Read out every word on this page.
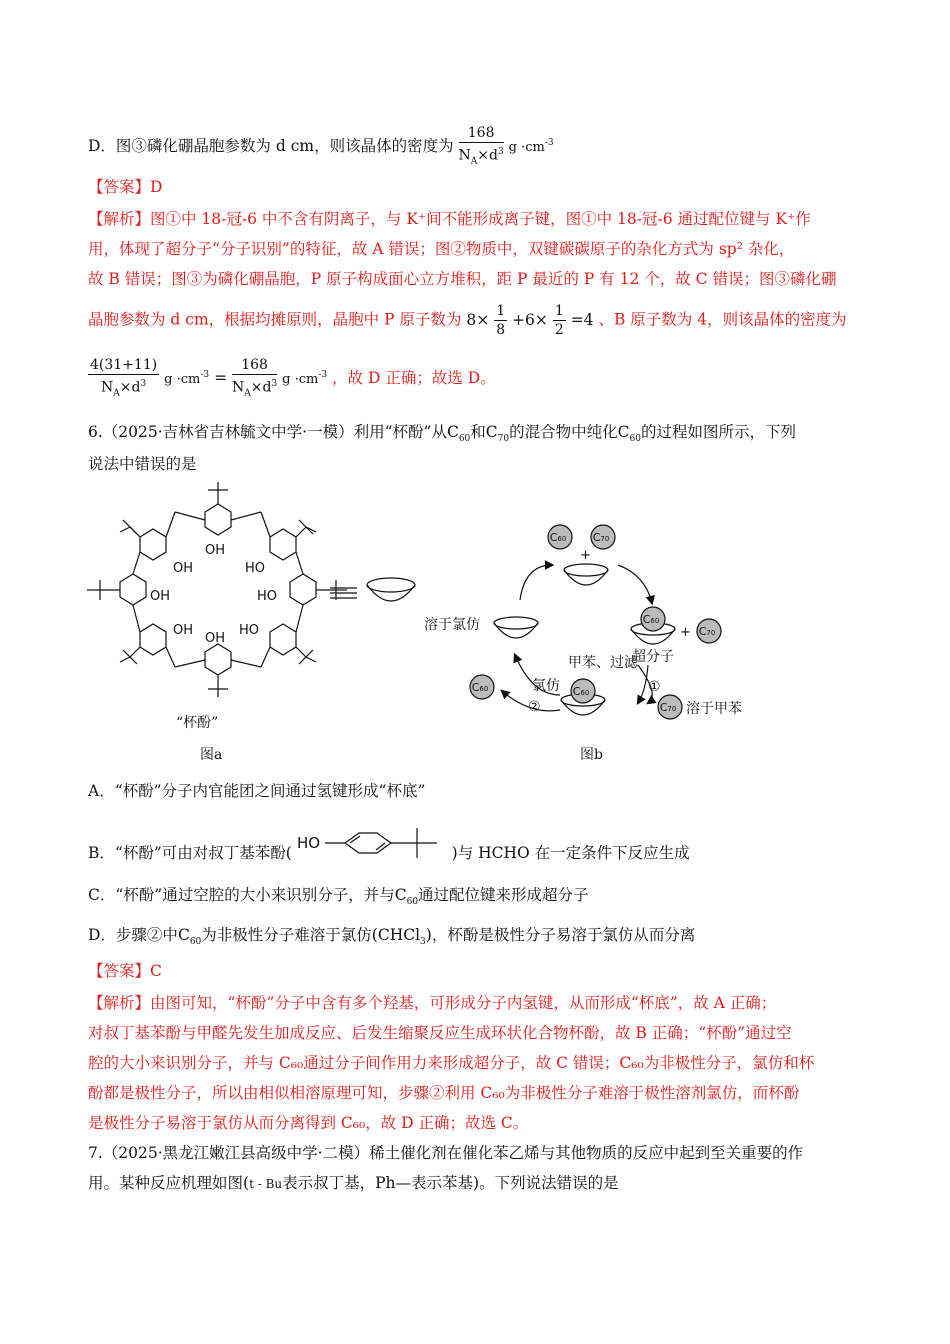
D．图③磷化硼晶胞参数为 d cm，则该晶体的密度为 $\frac{168}{N_A\times d^3}$ $g \cdot cm^{-3}$
【答案】D
【解析】图①中 18-冠-6 中不含有阴离子，与 K⁺间不能形成离子键，图①中 18-冠-6 通过配位键与 K⁺作
用，体现了超分子“分子识别”的特征，故 A 错误；图②物质中，双键碳碳原子的杂化方式为 sp² 杂化，
故 B 错误；图③为磷化硼晶胞，P 原子构成面心立方堆积，距 P 最近的 P 有 12 个，故 C 错误；图③磷化硼
晶胞参数为 d cm，根据均摊原则，晶胞中 P 原子数为 $8\times \frac{1}{8} +6\times \frac{1}{2} =4$ 、B 原子数为 4，则该晶体的密度为
$\frac{4(31+11)}{N_A\times d^3}$ $g \cdot cm^{-3} = \frac{168}{N_A\times d^3}$ $g \cdot cm^{-3}$ ，故 D 正确；故选 D。
6.（2025·吉林省吉林毓文中学·一模）利用“杯酚”从$C_{60}$和$C_{70}$的混合物中纯化$C_{60}$的过程如图所示，下列
说法中错误的是
OH
OH	HO
OH	HO
OH
OH
HO
“杯酚”
图a
C60 C70
C60
C70
C60
C70
C60
+
+
溶于氯仿
超分子
甲苯、过滤
氯仿	①
②	溶于甲苯
图b
A．“杯酚”分子内官能团之间通过氢键形成“杯底”
B．“杯酚”可由对叔丁基苯酚(
HO
)与 HCHO 在一定条件下反应生成
C．“杯酚”通过空腔的大小来识别分子，并与$C_{60}$通过配位键来形成超分子
D．步骤②中$C_{60}$为非极性分子难溶于氯仿(CHCl$_3$)，杯酚是极性分子易溶于氯仿从而分离
【答案】C
【解析】由图可知，“杯酚”分子中含有多个羟基，可形成分子内氢键，从而形成“杯底”，故 A 正确；
对叔丁基苯酚与甲醛先发生加成反应、后发生缩聚反应生成环状化合物杯酚，故 B 正确；“杯酚”通过空
腔的大小来识别分子，并与 C₆₀通过分子间作用力来形成超分子，故 C 错误；C₆₀为非极性分子，氯仿和杯
酚都是极性分子，所以由相似相溶原理可知，步骤②利用 C₆₀为非极性分子难溶于极性溶剂氯仿，而杯酚
是极性分子易溶于氯仿从而分离得到 C₆₀，故 D 正确；故选 C。
7.（2025·黑龙江嫩江县高级中学·二模）稀土催化剂在催化苯乙烯与其他物质的反应中起到至关重要的作
用。某种反应机理如图(t - Bu表示叔丁基，Ph—表示苯基)。下列说法错误的是
